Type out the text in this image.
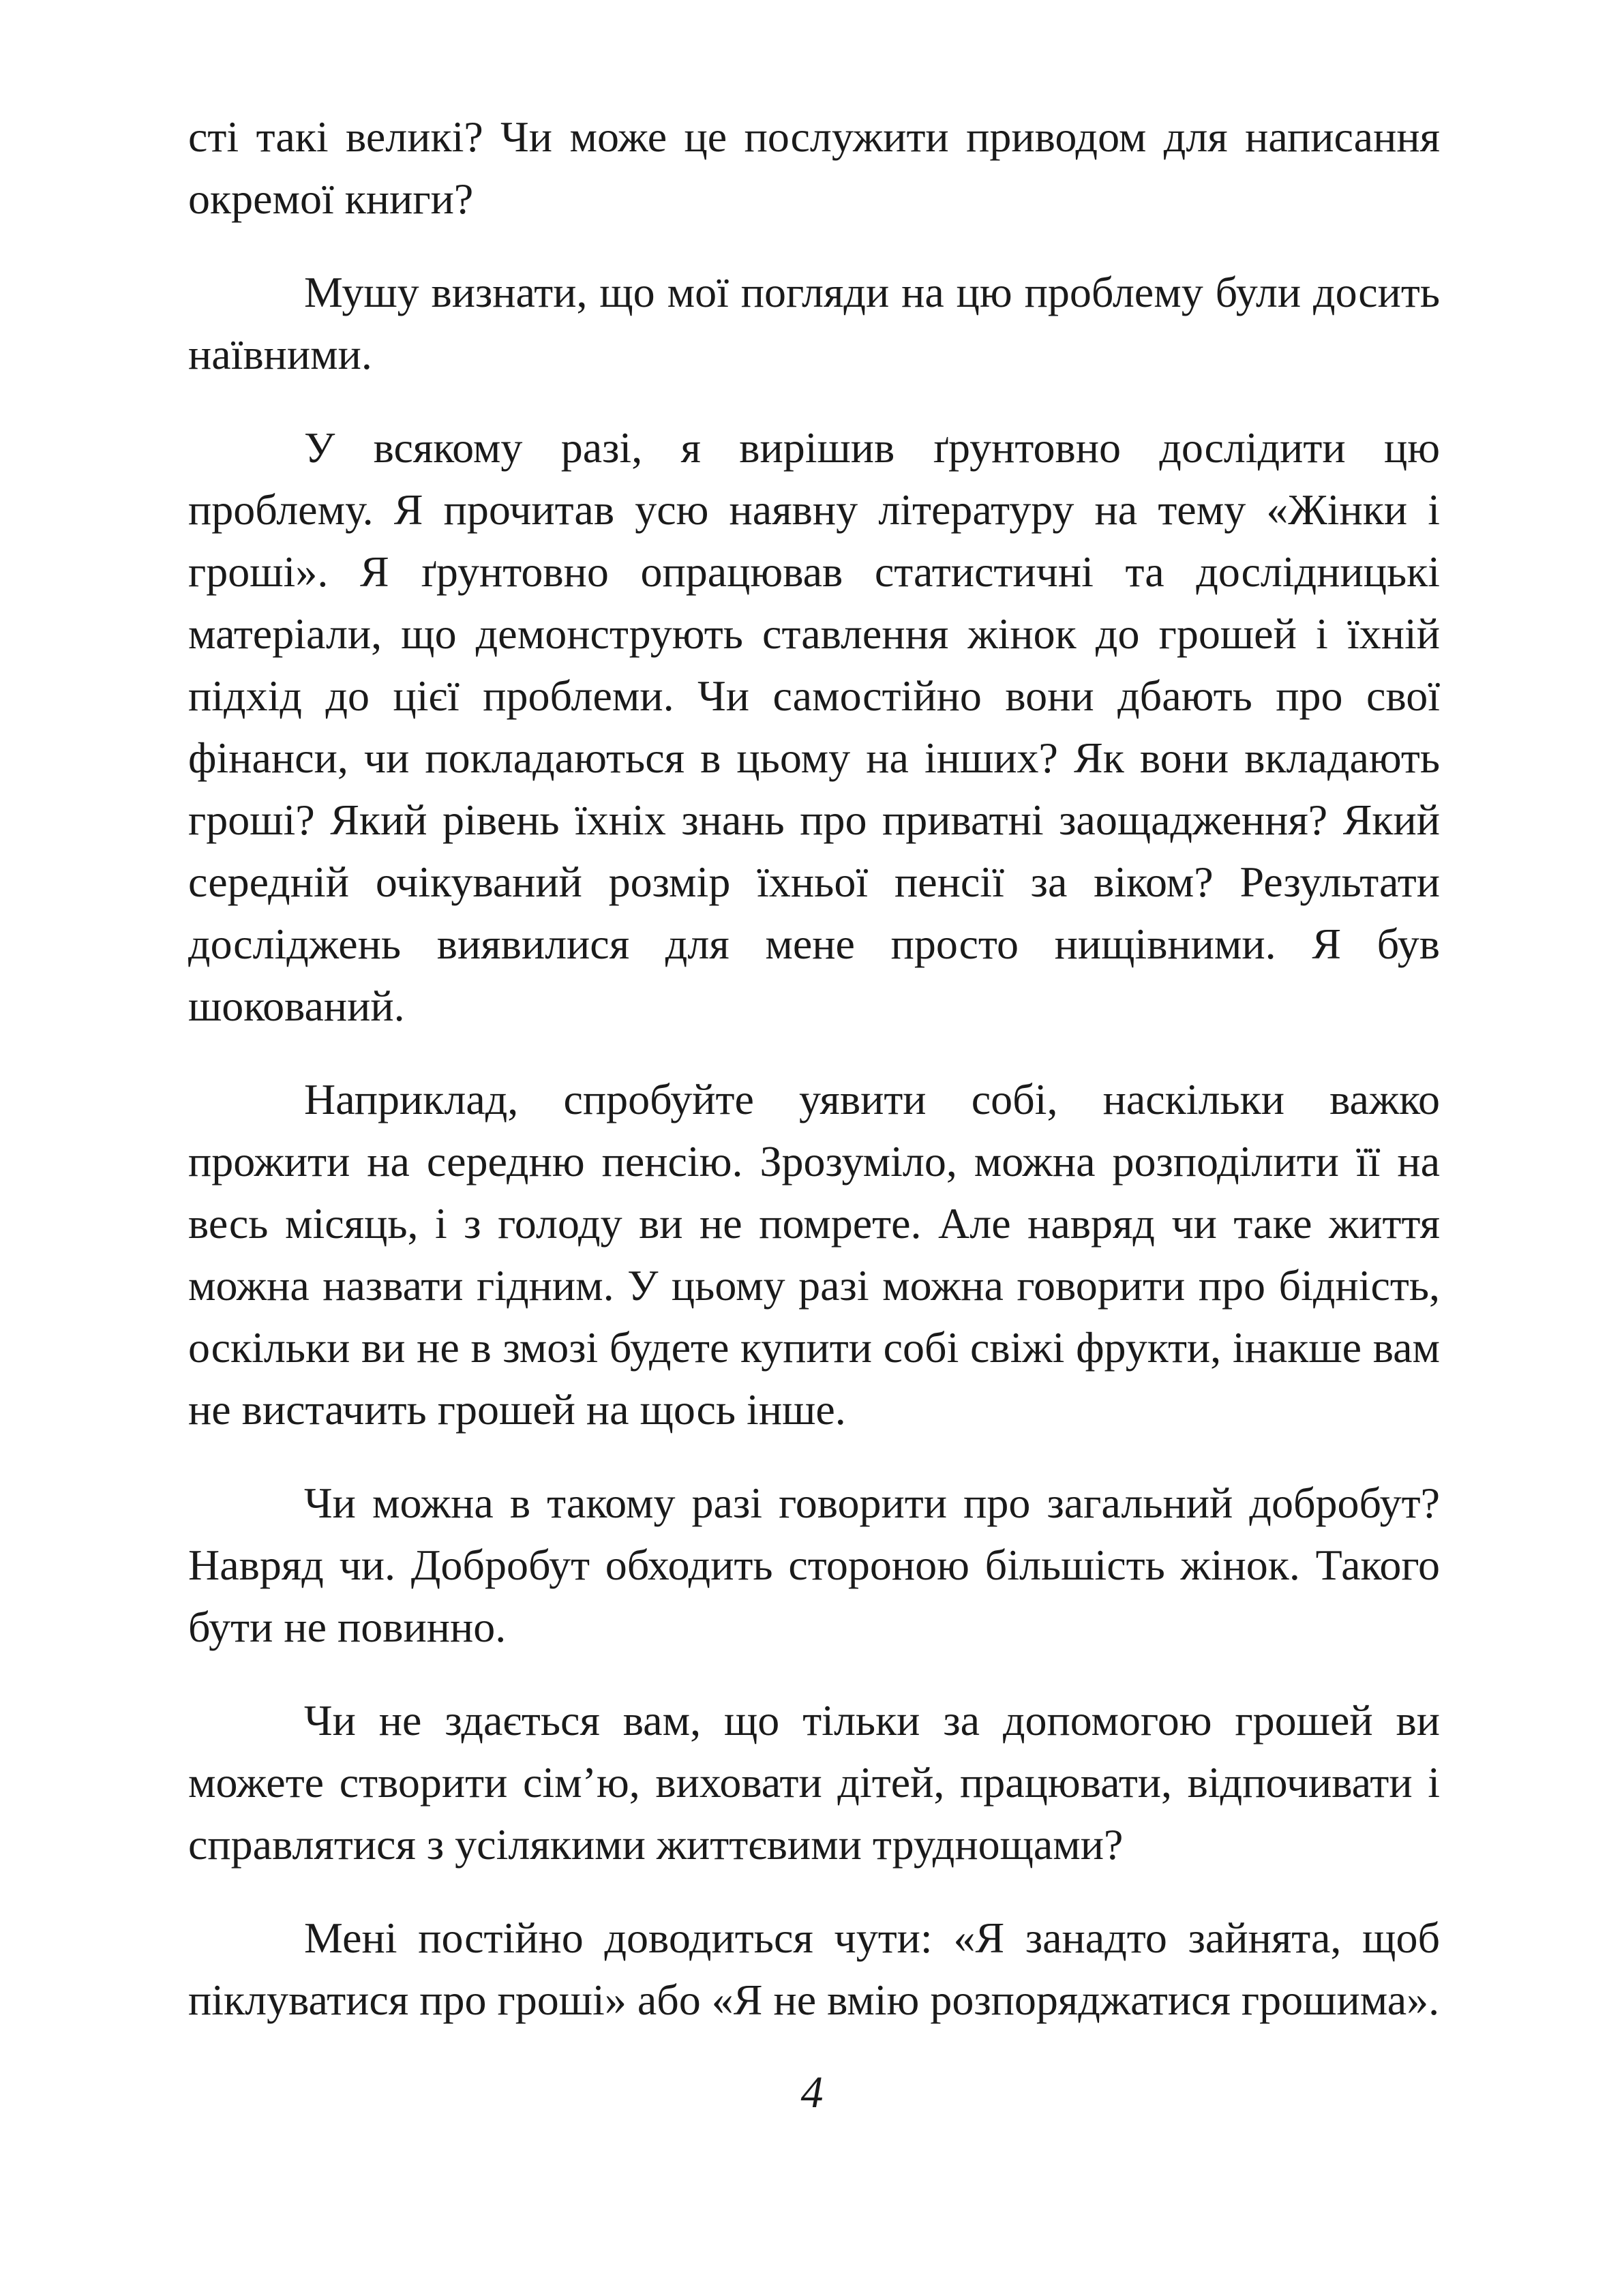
сті такі великі? Чи може це послужити приводом для написання окремої книги?

Мушу визнати, що мої погляди на цю проблему були досить наївними.

У всякому разі, я вирішив ґрунтовно дослідити цю проблему. Я прочитав усю наявну літературу на тему «Жінки і гроші». Я ґрунтовно опрацював статистичні та дослідницькі матеріали, що демонструють ставлення жінок до грошей і їхній підхід до цієї проблеми. Чи самостійно вони дбають про свої фінанси, чи покладаються в цьому на інших? Як вони вкладають гроші? Який рівень їхніх знань про приватні заощадження? Який середній очікуваний розмір їхньої пенсії за віком? Результати досліджень виявилися для мене просто нищівними. Я був шокований.

Наприклад, спробуйте уявити собі, наскільки важко прожити на середню пенсію. Зрозуміло, можна розподілити її на весь місяць, і з голоду ви не помрете. Але навряд чи таке життя можна назвати гідним. У цьому разі можна говорити про бідність, оскільки ви не в змозі будете купити собі свіжі фрукти, інакше вам не вистачить грошей на щось інше.

Чи можна в такому разі говорити про загальний добробут? Навряд чи. Добробут обходить стороною більшість жінок. Такого бути не повинно.

Чи не здається вам, що тільки за допомогою грошей ви можете створити сім’ю, виховати дітей, працювати, відпочивати і справлятися з усілякими життєвими труднощами?

Мені постійно доводиться чути: «Я занадто зайнята, щоб піклуватися про гроші» або «Я не вмію розпоряджатися грошима».

4
